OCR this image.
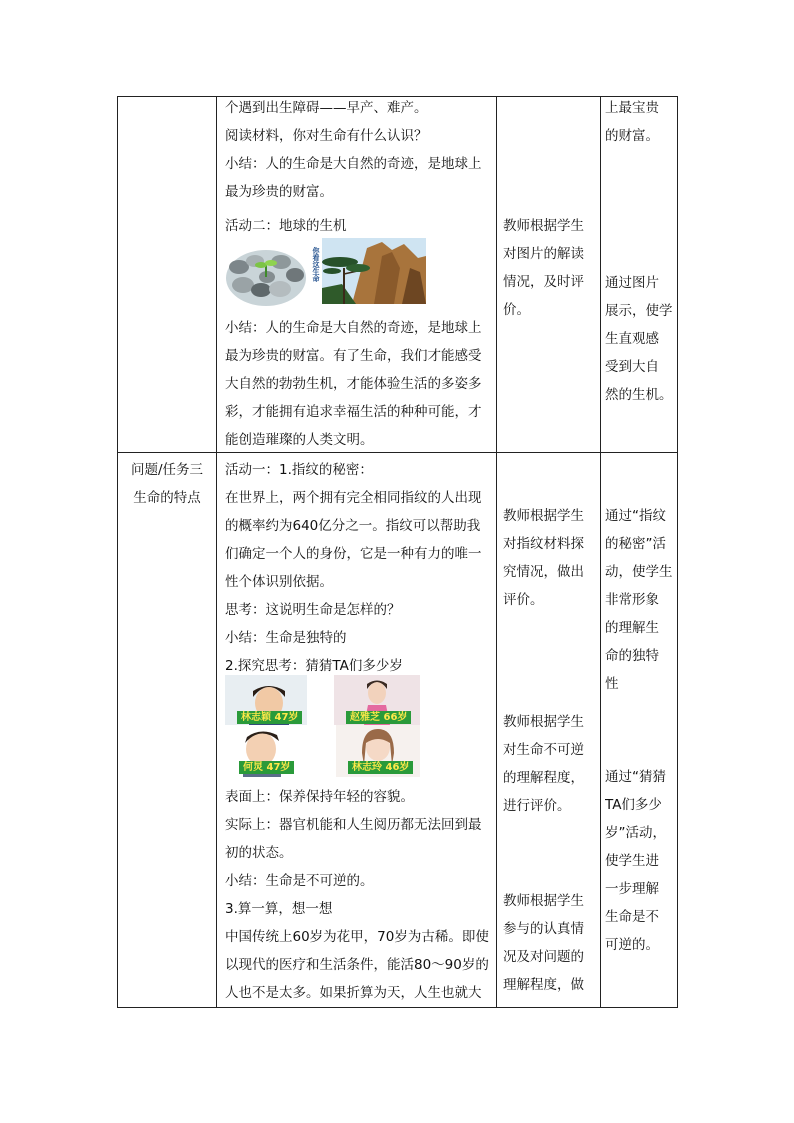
个遇到出生障碍——早产、难产。
阅读材料，你对生命有什么认识？
小结：人的生命是大自然的奇迹，是地球上
最为珍贵的财富。
活动二：地球的生机
你看这生命
小结：人的生命是大自然的奇迹，是地球上
最为珍贵的财富。有了生命，我们才能感受
大自然的勃勃生机，才能体验生活的多姿多
彩，才能拥有追求幸福生活的种种可能，才
能创造璀璨的人类文明。
教师根据学生
对图片的解读
情况，及时评
价。
上最宝贵
的财富。
通过图片
展示，使学
生直观感
受到大自
然的生机。
问题/任务三
生命的特点
活动一：1.指纹的秘密：
在世界上，两个拥有完全相同指纹的人出现
的概率约为640亿分之一。指纹可以帮助我
们确定一个人的身份，它是一种有力的唯一
性个体识别依据。
思考：这说明生命是怎样的？
小结：生命是独特的
2.探究思考：猜猜TA们多少岁
林志颖 47岁	赵雅芝 66岁
何炅 47岁	林志玲 46岁
表面上：保养保持年轻的容貌。
实际上：器官机能和人生阅历都无法回到最
初的状态。
小结：生命是不可逆的。
3.算一算，想一想
中国传统上60岁为花甲，70岁为古稀。即使
以现代的医疗和生活条件，能活80～90岁的
人也不是太多。如果折算为天，人生也就大
教师根据学生
对指纹材料探
究情况，做出
评价。
教师根据学生
对生命不可逆
的理解程度，
进行评价。
教师根据学生
参与的认真情
况及对问题的
理解程度，做
通过“指纹
的秘密”活
动，使学生
非常形象
的理解生
命的独特
性
通过“猜猜
TA们多少
岁”活动，
使学生进
一步理解
生命是不
可逆的。
